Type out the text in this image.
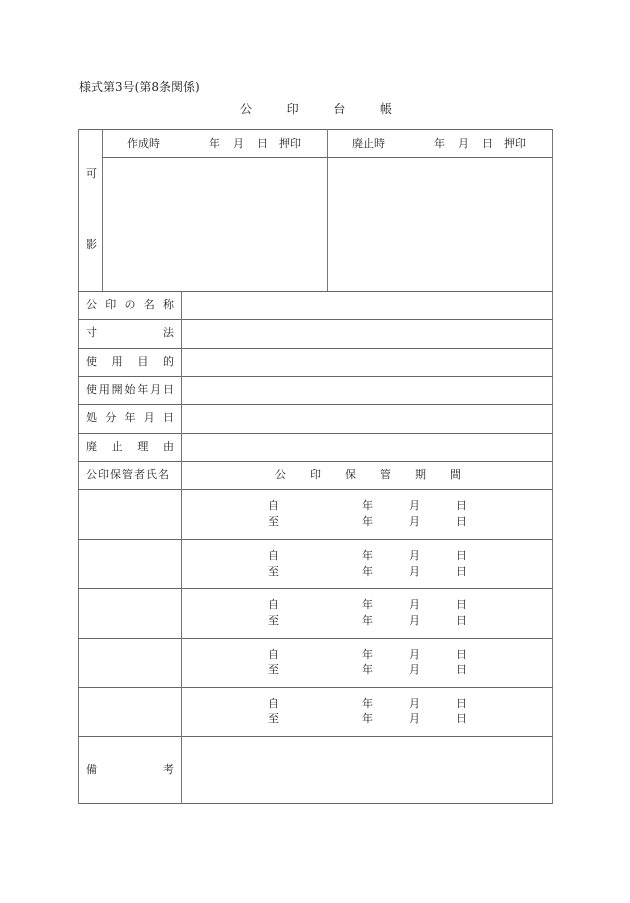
様式第3号(第8条関係)
公	印	台	帳
可
影
作成時	年 月 日 押印	廃止時	年 月 日 押印
公 印 の 名 称
寸	法
使 用 目 的
使 用 開 始 年 月 日
処 分 年 月 日
廃 止 理 由
公印保管者氏名	公 印 保 管 期 間
自	年	月	日
至	年	月	日
自	年	月	日
至	年	月	日
自	年	月	日
至	年	月	日
自	年	月	日
至	年	月	日
自	年	月	日
至	年	月	日
備	考
